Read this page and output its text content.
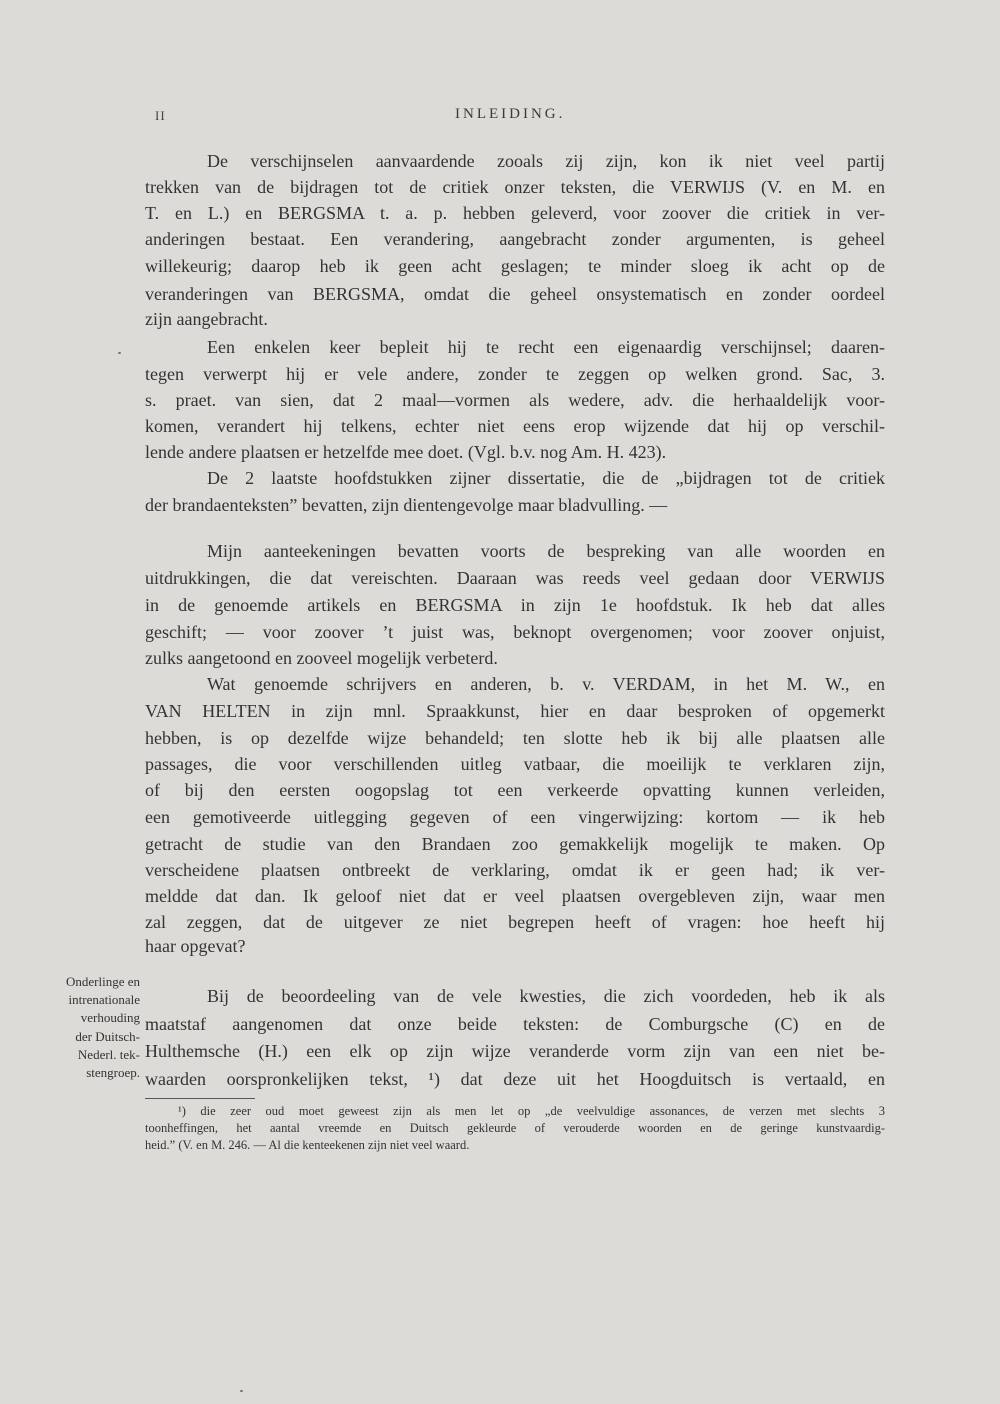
II	INLEIDING.
De verschijnselen aanvaardende zooals zij zijn, kon ik niet veel partij
trekken van de bijdragen tot de critiek onzer teksten, die VERWIJS (V. en M. en
T. en L.) en BERGSMA t. a. p. hebben geleverd, voor zoover die critiek in ver-
anderingen bestaat. Een verandering, aangebracht zonder argumenten, is geheel
willekeurig; daarop heb ik geen acht geslagen; te minder sloeg ik acht op de
veranderingen van BERGSMA, omdat die geheel onsystematisch en zonder oordeel
zijn aangebracht.
Een enkelen keer bepleit hij te recht een eigenaardig verschijnsel; daaren-
tegen verwerpt hij er vele andere, zonder te zeggen op welken grond. Sac, 3.
s. praet. van sien, dat 2 maal—vormen als wedere, adv. die herhaaldelijk voor-
komen, verandert hij telkens, echter niet eens erop wijzende dat hij op verschil-
lende andere plaatsen er hetzelfde mee doet. (Vgl. b.v. nog Am. H. 423).
De 2 laatste hoofdstukken zijner dissertatie, die de „bijdragen tot de critiek
der brandaenteksten” bevatten, zijn dientengevolge maar bladvulling. —
Mijn aanteekeningen bevatten voorts de bespreking van alle woorden en
uitdrukkingen, die dat vereischten. Daaraan was reeds veel gedaan door VERWIJS
in de genoemde artikels en BERGSMA in zijn 1e hoofdstuk. Ik heb dat alles
geschift; — voor zoover ’t juist was, beknopt overgenomen; voor zoover onjuist,
zulks aangetoond en zooveel mogelijk verbeterd.
Wat genoemde schrijvers en anderen, b. v. VERDAM, in het M. W., en
VAN HELTEN in zijn mnl. Spraakkunst, hier en daar besproken of opgemerkt
hebben, is op dezelfde wijze behandeld; ten slotte heb ik bij alle plaatsen alle
passages, die voor verschillenden uitleg vatbaar, die moeilijk te verklaren zijn,
of bij den eersten oogopslag tot een verkeerde opvatting kunnen verleiden,
een gemotiveerde uitlegging gegeven of een vingerwijzing: kortom — ik heb
getracht de studie van den Brandaen zoo gemakkelijk mogelijk te maken. Op
verscheidene plaatsen ontbreekt de verklaring, omdat ik er geen had; ik ver-
meldde dat dan. Ik geloof niet dat er veel plaatsen overgebleven zijn, waar men
zal zeggen, dat de uitgever ze niet begrepen heeft of vragen: hoe heeft hij
haar opgevat?
Onderlinge en
intrenationale
verhouding
der Duitsch-
Nederl. tek-
stengroep.
Bij de beoordeeling van de vele kwesties, die zich voordeden, heb ik als
maatstaf aangenomen dat onze beide teksten: de Comburgsche (C) en de
Hulthemsche (H.) een elk op zijn wijze veranderde vorm zijn van een niet be-
waarden oorspronkelijken tekst, ¹) dat deze uit het Hoogduitsch is vertaald, en
¹) die zeer oud moet geweest zijn als men let op „de veelvuldige assonances, de verzen met slechts 3
toonheffingen, het aantal vreemde en Duitsch gekleurde of verouderde woorden en de geringe kunstvaardig-
heid.” (V. en M. 246. — Al die kenteekenen zijn niet veel waard.
